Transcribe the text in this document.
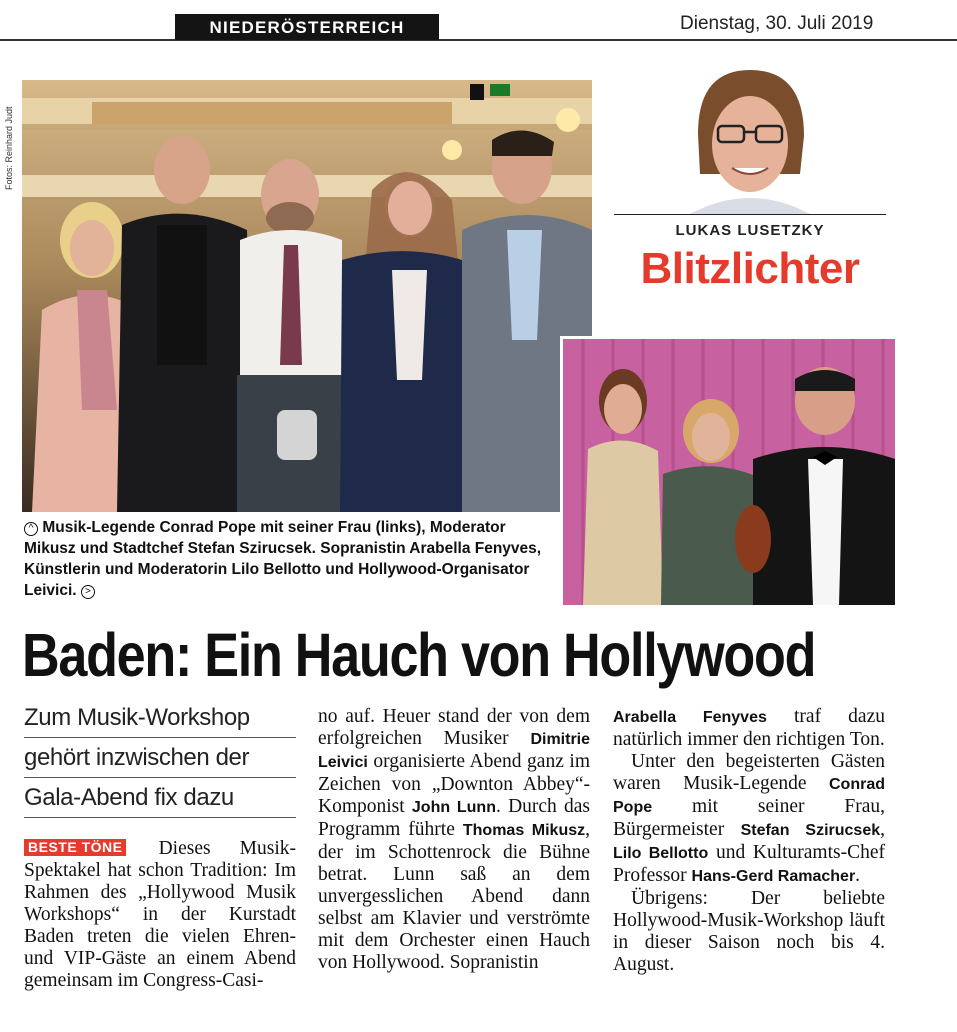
NIEDERÖSTERREICH	Dienstag, 30. Juli 2019
Fotos: Reinhard Judt
LUKAS LUSETZKY
Blitzlichter
^ Musik-Legende Conrad Pope mit seiner Frau (links), Moderator Mikusz und Stadtchef Stefan Szirucsek. Sopranistin Arabella Fenyves, Künstlerin und Moderatorin Lilo Bellotto und Hollywood-Organisator Leivici. >
Baden: Ein Hauch von Hollywood
Zum Musik-Workshop
gehört inzwischen der
Gala-Abend fix dazu
BESTE TÖNE Dieses Musik-Spektakel hat schon Tradition: Im Rahmen des „Hollywood Musik Workshops“ in der Kurstadt Baden treten die vielen Ehren- und VIP-Gäste an einem Abend gemeinsam im Congress-Casi-
no auf. Heuer stand der von dem erfolgreichen Musiker Dimitrie Leivici organisierte Abend ganz im Zeichen von „Downton Abbey“-Komponist John Lunn. Durch das Programm führte Thomas Mikusz, der im Schottenrock die Bühne betrat. Lunn saß an dem unvergesslichen Abend dann selbst am Klavier und verströmte mit dem Orchester einen Hauch von Hollywood. Sopranistin
Arabella Fenyves traf dazu natürlich immer den richtigen Ton.
Unter den begeisterten Gästen waren Musik-Legende Conrad Pope mit seiner Frau, Bürgermeister Stefan Szirucsek, Lilo Bellotto und Kulturamts-Chef Professor Hans-Gerd Ramacher.
Übrigens: Der beliebte Hollywood-Musik-Workshop läuft in dieser Saison noch bis 4. August.
